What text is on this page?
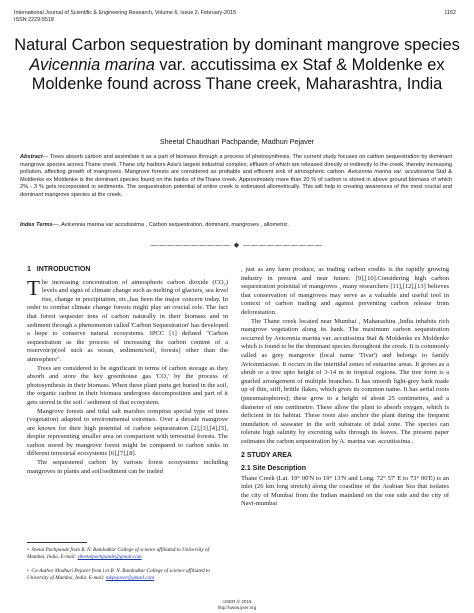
International Journal of Scientific & Engineering Research, Volume 6, Issue 2, February-2015
ISSN 2229-5518
1162
Natural Carbon sequestration by dominant mangrove species Avicennia marina var. accutissima ex Staf & Moldenke ex Moldenke found across Thane creek, Maharashtra, India
Sheetal Chaudhari Pachpande, Madhuri Pejaver
Abstract— Trees absorb carbon and assimilate it as a part of biomass through a process of photosynthesis. The current study focuses on carbon sequestration by dominant mangrove species across Thane creek. Thane city harbors Asia's largest industrial complex; effluent of which are released directly or indirectly to the creek, thereby increasing pollution, affecting growth of mangroves. Mangrove forests are considered as probable and efficient sink of atmospheric carbon. Avicennia marina var. accutissima Staf & Moldenke ex Moldenke is the dominant species found on the banks of theThane creek. Approximately more than 20 % of carbon is stored in above ground biomass of which 2% - 3 % gets incorporated in sediments. The sequestration potential of entire creek is estimated allometrically. This will help in creating awareness of the most crucial and dominant mangrove species at the creek.
Index Terms—, Avicennia marina var accutissima , Carbon sequestration, dominant, mangroves , allometric.
—————————— ◆ ——————————
1 INTRODUCTION

The increasing concentration of atmospheric carbon dioxide (CO₂) levels and signs of climate change such as melting of glaciers, sea level rise, change in precipitation, etc.,has been the major concern today. In order to combat climate change forests might play an crucial role. The fact that forest sequester tons of carbon naturally in their biomass and in sediment through a phenomenon called 'Carbon Sequestration' has developed a hope to conserve natural ecosystems. IPCC [1] defined "Carbon sequestration as the process of increasing the carbon content of a reservoir/p(ool such as ocean, sediment/soil, forests) other than the atmosphere".

Trees are considered to be significant in terms of carbon storage as they absorb and store the key greenhouse gas 'CO₂' by the process of photosynthesis in their biomass. When these plant parts get buried in the soil, the organic carbon in their biomass undergoes decomposition and part of it gets stored in the soil / sediment of that ecosystem.

Mangrove forests and tidal salt marshes comprise special type of trees (vegetation) adapted to environmental extremes. Over a decade mangrove are known for their high potential of carbon sequestration [2],[3],[4],[5], despite representing smaller area on comparison with terrestrial forests. The carbon stored by mangrove forest might be compared to carbon sinks in different terrestrial ecosystems [6],[7],[8].

The sequestered carbon by various forest ecosystems including mangroves in plants and soil/sediment can be traded

•  Shetal Pachpande from B. N. Bandodkar College of science affiliated to University of Mumbai, India. E-mail: sheetalpachpande@gmail.com
•  Co-Author Madhuri Pejaver from l et B. N. Bandodkar College of science affiliated to University of Mumbai, India. E-mail: mkpejaver@gmail.com

, just as any farm produce, as trading carbon credits is the rapidly growing industry in present and near future. [9],[10].Considering high carbon sequestration potential of mangroves , many researchers [11],[12],[13] believes that conservation of mangroves may serve as a valuable and useful tool in context of carbon trading and against preventing carbon release from deforestation.

The Thane creek located near Mumbai , Maharashtra ,India inhabits rich mangrove vegetation along its bank. The maximum carbon sequestration occurred by Avicennia marina var. accutissima Staf & Moldenke ex Moldenke which is found to be the dominant species throughout the creek. It is commonly called as grey mangrove (local name 'Tivar') and belongs to family Avicenniaceae. It occurs in the intertidal zones of estuarine areas. It grows as a shrub or a tree upto height of 3-14 m in tropical regions. The tree form is a gnarled arrangement of multiple branches. It has smooth light-grey bark made up of thin, stiff, brittle flakes, which gives its common name. It has aerial roots (pneumatophores); these grow to a height of about 25 centimetres, and a diameter of one centimetre. These allow the plant to absorb oxygen, which is deficient in its habitat. These roots also anchor the plant during the frequent inundation of seawater in the soft substrate of tidal zone. The species can tolerate high salinity by excreting salts through its leaves. The present paper estimates the carbon sequestration by A. marina var. accuttissima .

2 STUDY AREA
2.1 Site Description

Thane Creek (Lat. 19° 00'N to 19° 13'N and Long. 72° 57' E to 73° 00'E) is an inlet (26 km long stretch) along the coastline of the Arabian Sea that isolates the city of Mumbai from the Indian mainland on the one side and the city of Navi-mumbai

IJSER © 2015
http://www.ijser.org
